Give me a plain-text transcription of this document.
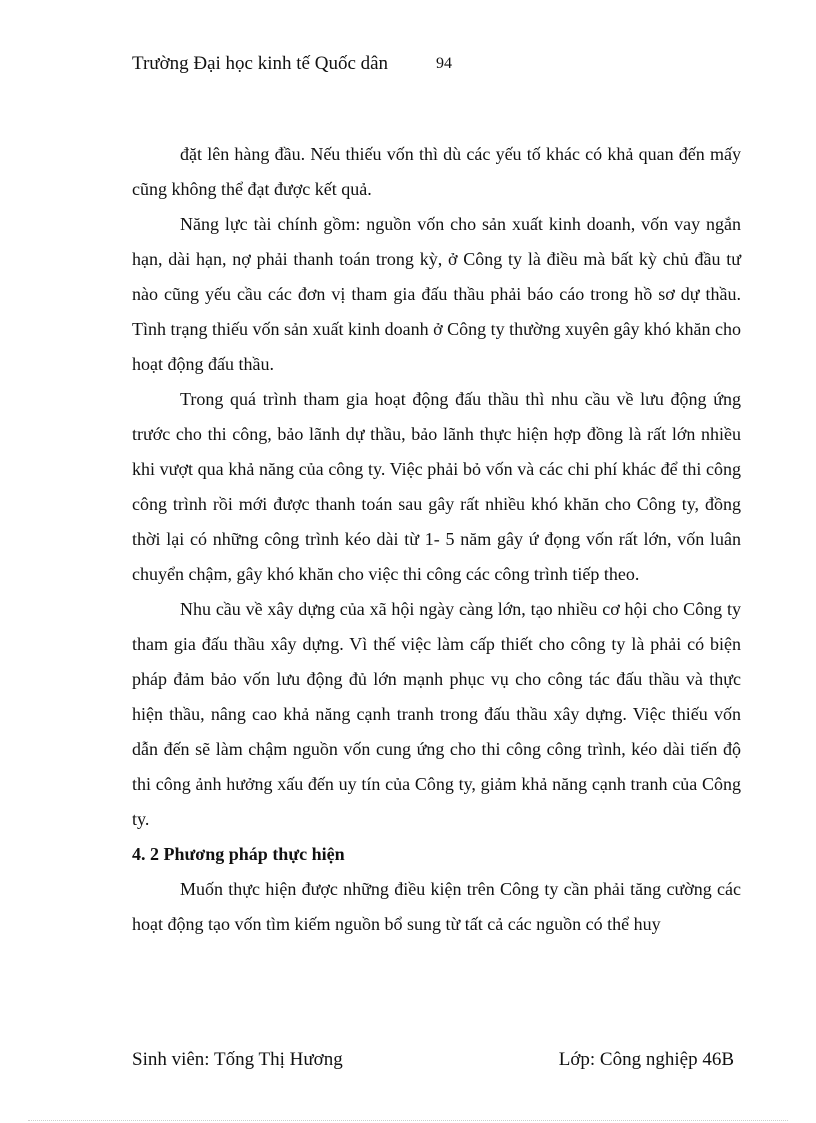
Trường Đại học kinh tế Quốc dân	94

đặt lên hàng đầu. Nếu thiếu vốn thì dù các yếu tố khác có khả quan đến mấy cũng không thể đạt được kết quả.

Năng lực tài chính gồm: nguồn vốn cho sản xuất kinh doanh, vốn vay ngắn hạn, dài hạn, nợ phải thanh toán trong kỳ, ở Công ty là điều mà bất kỳ chủ đầu tư nào cũng yếu cầu các đơn vị tham gia đấu thầu phải báo cáo trong hồ sơ dự thầu. Tình trạng thiếu vốn sản xuất kinh doanh ở Công ty thường xuyên gây khó khăn cho hoạt động đấu thầu.

Trong quá trình tham gia hoạt động đấu thầu thì nhu cầu về lưu động ứng trước cho thi công, bảo lãnh dự thầu, bảo lãnh thực hiện hợp đồng là rất lớn nhiều khi vượt qua khả năng của công ty. Việc phải bỏ vốn và các chi phí khác để thi công công trình rồi mới được thanh toán sau gây rất nhiều khó khăn cho Công ty, đồng thời lại có những công trình kéo dài từ 1- 5 năm gây ứ đọng vốn rất lớn, vốn luân chuyển chậm, gây khó khăn cho việc thi công các công trình tiếp theo.

Nhu cầu về xây dựng của xã hội ngày càng lớn, tạo nhiều cơ hội cho Công ty tham gia đấu thầu xây dựng. Vì thế việc làm cấp thiết cho công ty là phải có biện pháp đảm bảo vốn lưu động đủ lớn mạnh phục vụ cho công tác đấu thầu và thực hiện thầu, nâng cao khả năng cạnh tranh trong đấu thầu xây dựng. Việc thiếu vốn dẫn đến sẽ làm chậm nguồn vốn cung ứng cho thi công công trình, kéo dài tiến độ thi công ảnh hưởng xấu đến uy tín của Công ty, giảm khả năng cạnh tranh của Công ty.

4. 2 Phương pháp thực hiện

Muốn thực hiện được những điều kiện trên Công ty cần phải tăng cường các hoạt động tạo vốn tìm kiếm nguồn bổ sung từ tất cả các nguồn có thể huy

Sinh viên: Tống Thị Hương	Lớp: Công nghiệp 46B
